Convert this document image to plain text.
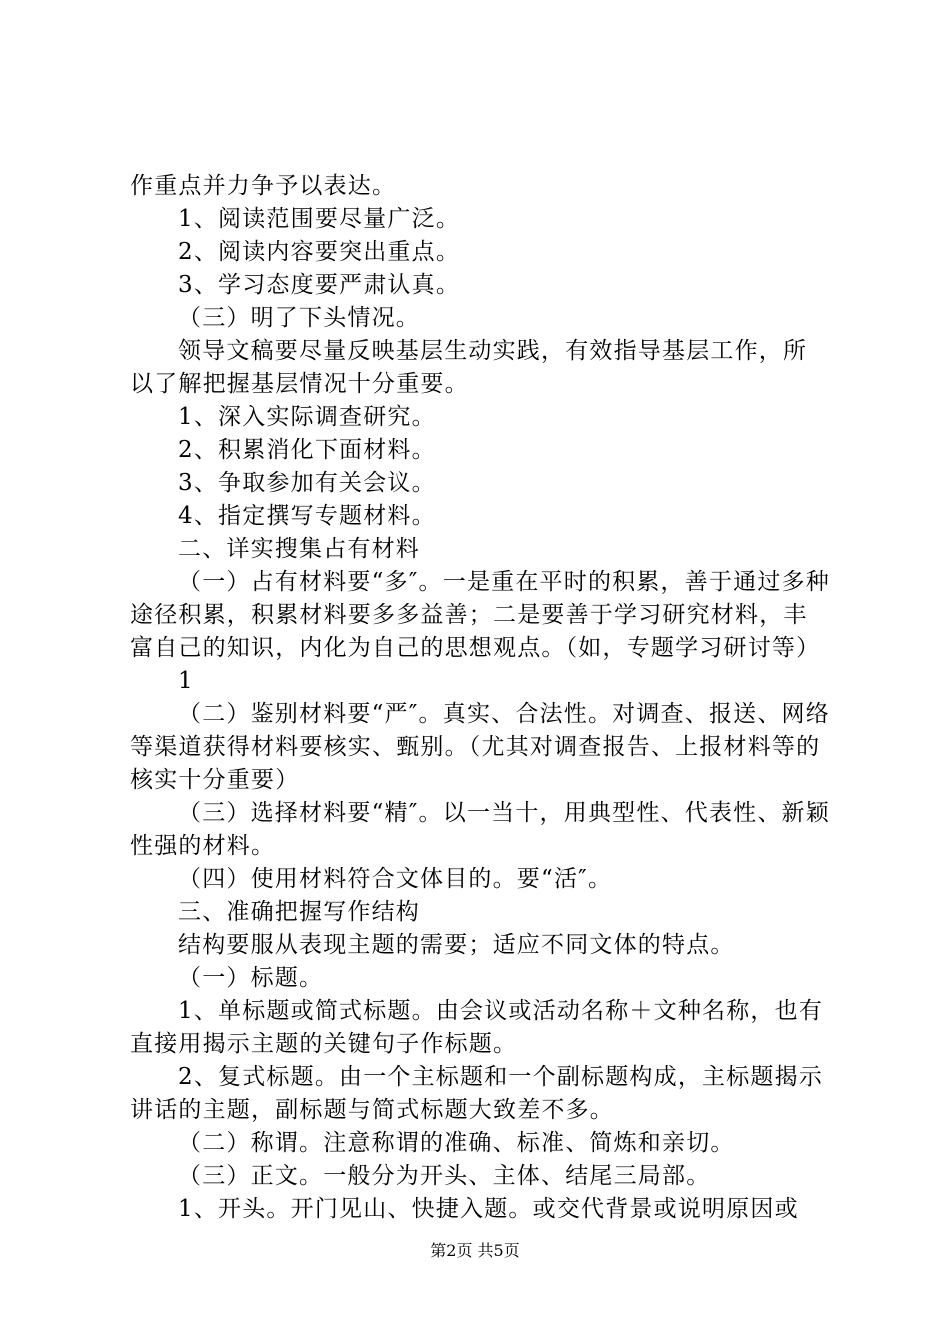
作重点并力争予以表达。

1、阅读范围要尽量广泛。

2、阅读内容要突出重点。

3、学习态度要严肃认真。

（三）明了下头情况。

领导文稿要尽量反映基层生动实践，有效指导基层工作，所以了解把握基层情况十分重要。

1、深入实际调查研究。

2、积累消化下面材料。

3、争取参加有关会议。

4、指定撰写专题材料。

二、详实搜集占有材料

（一）占有材料要“多″。一是重在平时的积累，善于通过多种途径积累，积累材料要多多益善；二是要善于学习研究材料，丰富自己的知识，内化为自己的思想观点。（如，专题学习研讨等）

1

（二）鉴别材料要“严″。真实、合法性。对调查、报送、网络等渠道获得材料要核实、甄别。（尤其对调查报告、上报材料等的核实十分重要）

（三）选择材料要“精″。以一当十，用典型性、代表性、新颖性强的材料。

（四）使用材料符合文体目的。要“活″。

三、准确把握写作结构

结构要服从表现主题的需要；适应不同文体的特点。

（一）标题。

1、单标题或简式标题。由会议或活动名称＋文种名称，也有直接用揭示主题的关键句子作标题。

2、复式标题。由一个主标题和一个副标题构成，主标题揭示讲话的主题，副标题与简式标题大致差不多。

（二）称谓。注意称谓的准确、标准、简炼和亲切。

（三）正文。一般分为开头、主体、结尾三局部。

1、开头。开门见山、快捷入题。或交代背景或说明原因或

第2页 共5页
